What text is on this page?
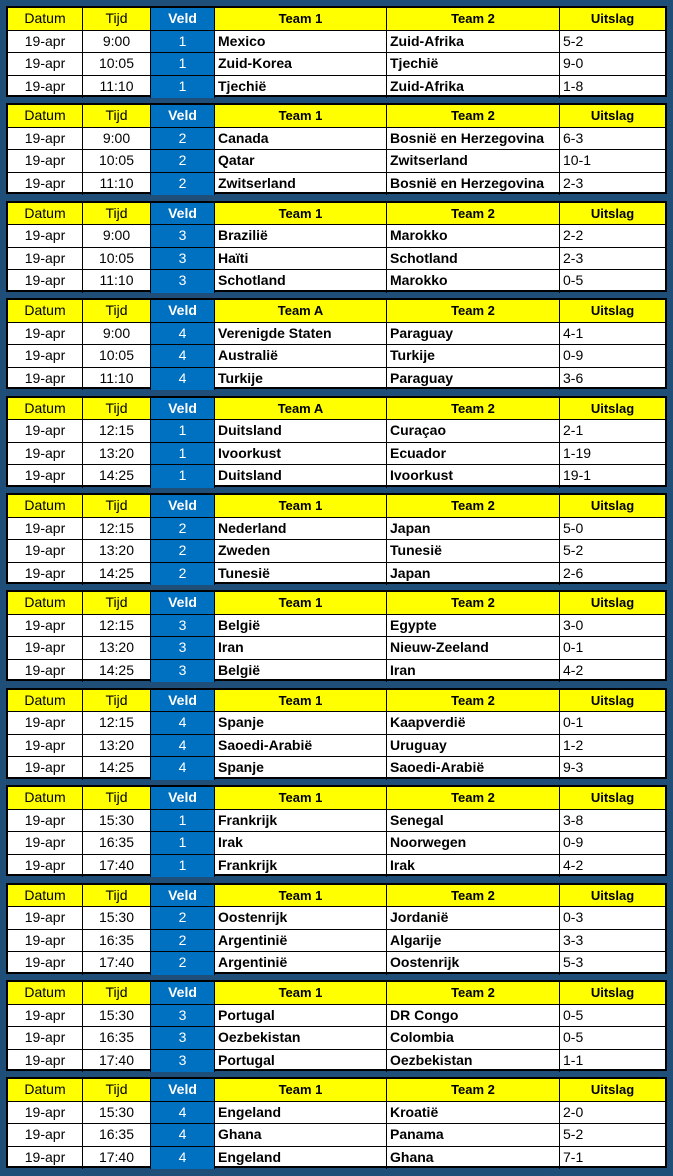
Datum	Tijd	Veld	Team 1	Team 2	Uitslag
19-apr	9:00	1	Mexico	Zuid-Afrika	5-2
19-apr	10:05	1	Zuid-Korea	Tjechië	9-0
19-apr	11:10	1	Tjechië	Zuid-Afrika	1-8
Datum	Tijd	Veld	Team 1	Team 2	Uitslag
19-apr	9:00	2	Canada	Bosnië en Herzegovina	6-3
19-apr	10:05	2	Qatar	Zwitserland	10-1
19-apr	11:10	2	Zwitserland	Bosnië en Herzegovina	2-3
Datum	Tijd	Veld	Team 1	Team 2	Uitslag
19-apr	9:00	3	Brazilië	Marokko	2-2
19-apr	10:05	3	Haïti	Schotland	2-3
19-apr	11:10	3	Schotland	Marokko	0-5
Datum	Tijd	Veld	Team A	Team 2	Uitslag
19-apr	9:00	4	Verenigde Staten	Paraguay	4-1
19-apr	10:05	4	Australië	Turkije	0-9
19-apr	11:10	4	Turkije	Paraguay	3-6
Datum	Tijd	Veld	Team A	Team 2	Uitslag
19-apr	12:15	1	Duitsland	Curaçao	2-1
19-apr	13:20	1	Ivoorkust	Ecuador	1-19
19-apr	14:25	1	Duitsland	Ivoorkust	19-1
Datum	Tijd	Veld	Team 1	Team 2	Uitslag
19-apr	12:15	2	Nederland	Japan	5-0
19-apr	13:20	2	Zweden	Tunesië	5-2
19-apr	14:25	2	Tunesië	Japan	2-6
Datum	Tijd	Veld	Team 1	Team 2	Uitslag
19-apr	12:15	3	België	Egypte	3-0
19-apr	13:20	3	Iran	Nieuw-Zeeland	0-1
19-apr	14:25	3	België	Iran	4-2
Datum	Tijd	Veld	Team 1	Team 2	Uitslag
19-apr	12:15	4	Spanje	Kaapverdië	0-1
19-apr	13:20	4	Saoedi-Arabië	Uruguay	1-2
19-apr	14:25	4	Spanje	Saoedi-Arabië	9-3
Datum	Tijd	Veld	Team 1	Team 2	Uitslag
19-apr	15:30	1	Frankrijk	Senegal	3-8
19-apr	16:35	1	Irak	Noorwegen	0-9
19-apr	17:40	1	Frankrijk	Irak	4-2
Datum	Tijd	Veld	Team 1	Team 2	Uitslag
19-apr	15:30	2	Oostenrijk	Jordanië	0-3
19-apr	16:35	2	Argentinië	Algarije	3-3
19-apr	17:40	2	Argentinië	Oostenrijk	5-3
Datum	Tijd	Veld	Team 1	Team 2	Uitslag
19-apr	15:30	3	Portugal	DR Congo	0-5
19-apr	16:35	3	Oezbekistan	Colombia	0-5
19-apr	17:40	3	Portugal	Oezbekistan	1-1
Datum	Tijd	Veld	Team 1	Team 2	Uitslag
19-apr	15:30	4	Engeland	Kroatië	2-0
19-apr	16:35	4	Ghana	Panama	5-2
19-apr	17:40	4	Engeland	Ghana	7-1
